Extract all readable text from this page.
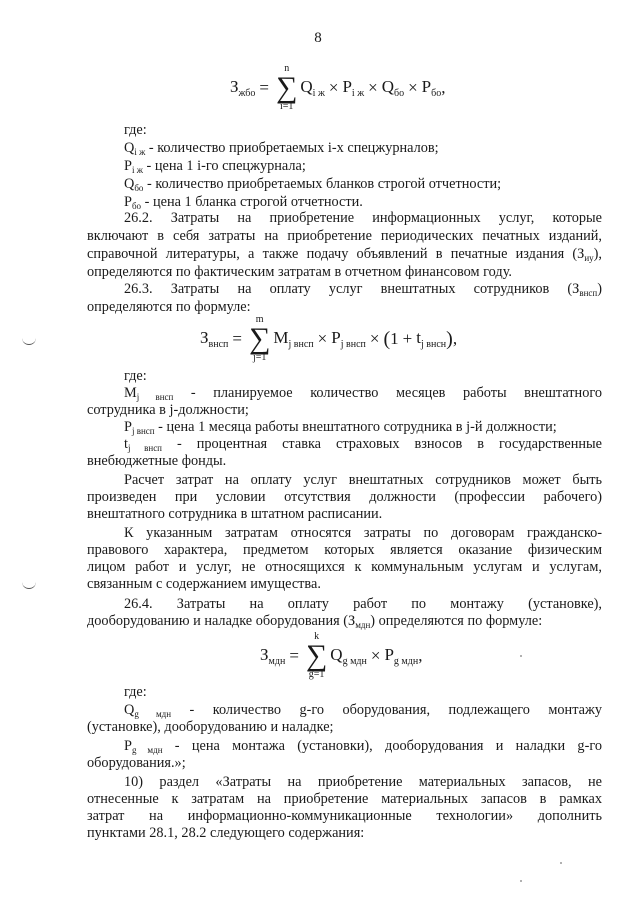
8
$З_{жбо}$ =
n
∑
i=1
$Q_{i ж} \times P_{i ж} \times Q_{бо} \times P_{бо}$ ,
где:
$Q_{i ж}$ - количество приобретаемых i-х спецжурналов;
$P_{i ж}$ - цена 1 i-го спецжурнала;
$Q_{бо}$ - количество приобретаемых бланков строгой отчетности;
$P_{бо}$ - цена 1 бланка строгой отчетности.
26.2. Затраты на приобретение информационных услуг, которые
включают в себя затраты на приобретение периодических печатных изданий,
справочной литературы, а также подачу объявлений в печатные издания $(З_{иу})$,
определяются по фактическим затратам в отчетном финансовом году.
26.3. Затраты на оплату услуг внештатных сотрудников $(З_{внсп})$
определяются по формуле:
$З_{внсп}$ =
m
∑
j=1
$M_{j внсп} \times P_{j внсп}$ × ( $1 + t_{j внсн}$ ) ,
где:
$M_{j внсп}$ - планируемое количество месяцев работы внештатного
сотрудника в j-должности;
$P_{j внсп}$ - цена 1 месяца работы внештатного сотрудника в j-й должности;
$t_{j внсп}$ - процентная ставка страховых взносов в государственные
внебюджетные фонды.
Расчет затрат на оплату услуг внештатных сотрудников может быть
произведен при условии отсутствия должности (профессии рабочего)
внештатного сотрудника в штатном расписании.
К указанным затратам относятся затраты по договорам гражданско-
правового характера, предметом которых является оказание физическим
лицом работ и услуг, не относящихся к коммунальным услугам и услугам,
связанным с содержанием имущества.
26.4. Затраты на оплату работ по монтажу (установке),
дооборудованию и наладке оборудования $(З_{мдн})$ определяются по формуле:
$З_{мдн}$ =
k
∑
g=1
$Q_{g мдн} \times P_{g мдн}$ ,
где:
$Q_{g мдн}$ - количество g-го оборудования, подлежащего монтажу
(установке), дооборудованию и наладке;
$P_{g мдн}$ - цена монтажа (установки), дооборудования и наладки g-го
оборудования.»;
10) раздел «Затраты на приобретение материальных запасов, не
отнесенные к затратам на приобретение материальных запасов в рамках
затрат на информационно-коммуникационные технологии» дополнить
пунктами 28.1, 28.2 следующего содержания:
